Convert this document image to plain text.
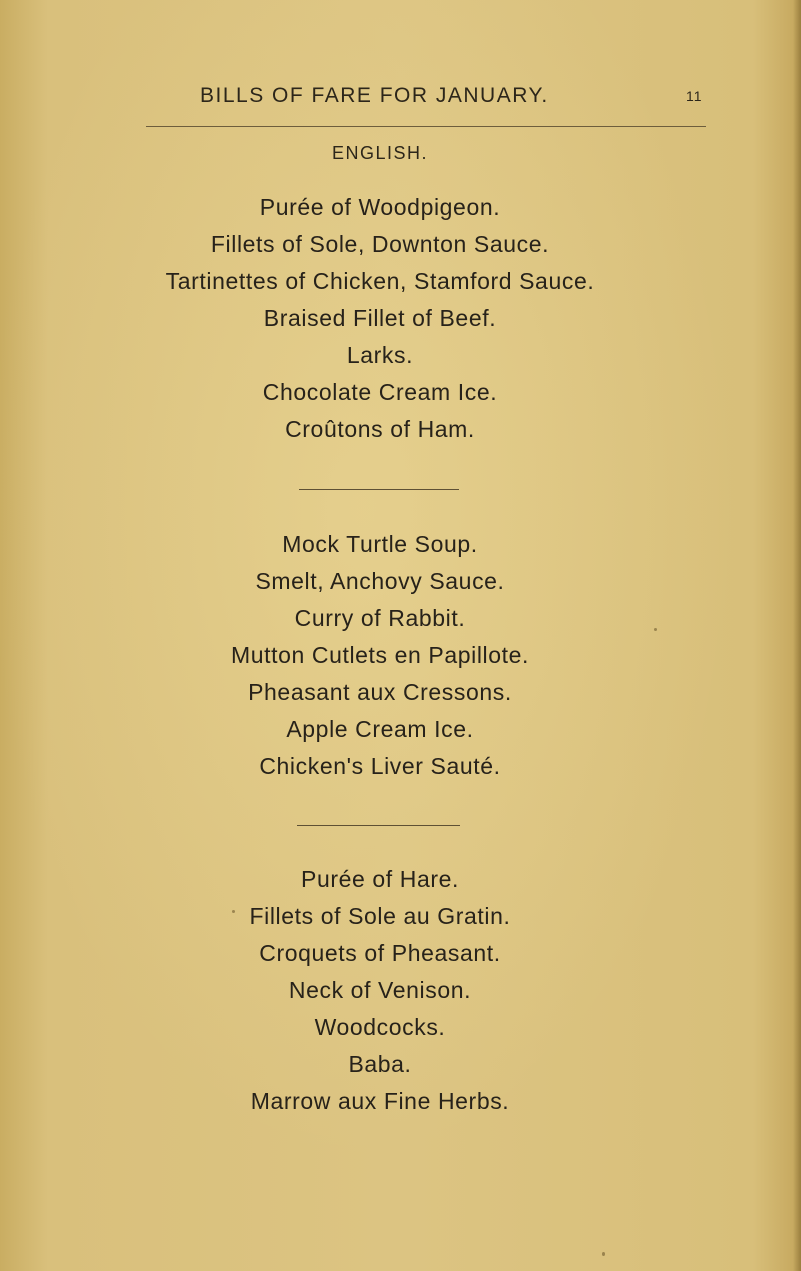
BILLS OF FARE FOR JANUARY.	11
ENGLISH.
Purée of Woodpigeon.
Fillets of Sole, Downton Sauce.
Tartinettes of Chicken, Stamford Sauce.
Braised Fillet of Beef.
Larks.
Chocolate Cream Ice.
Croûtons of Ham.
Mock Turtle Soup.
Smelt, Anchovy Sauce.
Curry of Rabbit.
Mutton Cutlets en Papillote.
Pheasant aux Cressons.
Apple Cream Ice.
Chicken's Liver Sauté.
Purée of Hare.
Fillets of Sole au Gratin.
Croquets of Pheasant.
Neck of Venison.
Woodcocks.
Baba.
Marrow aux Fine Herbs.
